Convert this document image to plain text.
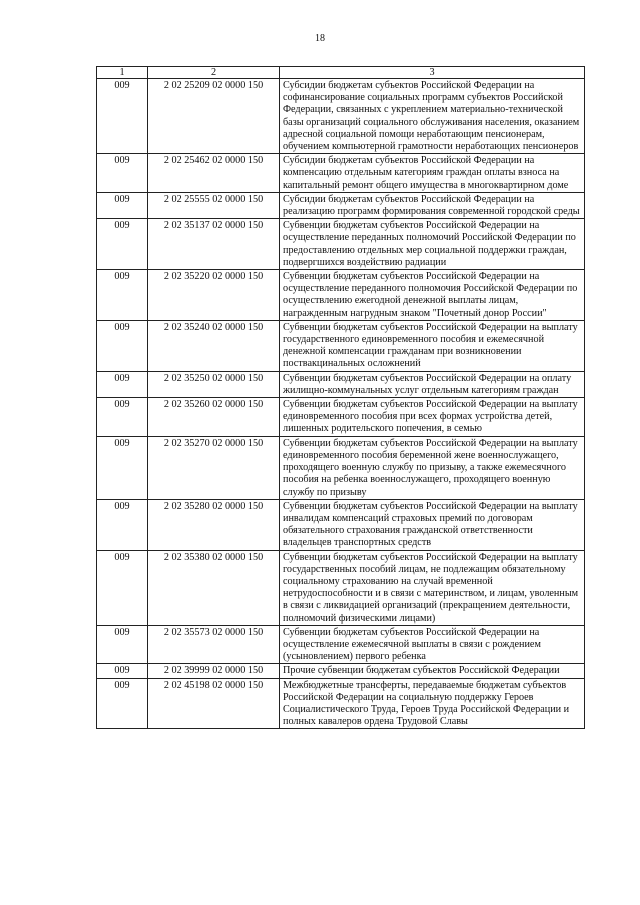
18
1	2	3
009	2 02 25209 02 0000 150	Субсидии бюджетам субъектов Российской Федерации на софинансирование социальных программ субъектов Российской Федерации, связанных с укреплением материально-технической базы организаций социального обслуживания населения, оказанием адресной социальной помощи неработающим пенсионерам, обучением компьютерной грамотности неработающих пенсионеров
009	2 02 25462 02 0000 150	Субсидии бюджетам субъектов Российской Федерации на компенсацию отдельным категориям граждан оплаты взноса на капитальный ремонт общего имущества в многоквартирном доме
009	2 02 25555 02 0000 150	Субсидии бюджетам субъектов Российской Федерации на реализацию программ формирования современной городской среды
009	2 02 35137 02 0000 150	Субвенции бюджетам субъектов Российской Федерации на осуществление переданных полномочий Российской Федерации по предоставлению отдельных мер социальной поддержки граждан, подвергшихся воздействию радиации
009	2 02 35220 02 0000 150	Субвенции бюджетам субъектов Российской Федерации на осуществление переданного полномочия Российской Федерации по осуществлению ежегодной денежной выплаты лицам, награжденным нагрудным знаком "Почетный донор России"
009	2 02 35240 02 0000 150	Субвенции бюджетам субъектов Российской Федерации на выплату государственного единовременного пособия и ежемесячной денежной компенсации гражданам при возникновении поствакцинальных осложнений
009	2 02 35250 02 0000 150	Субвенции бюджетам субъектов Российской Федерации на оплату жилищно-коммунальных услуг отдельным категориям граждан
009	2 02 35260 02 0000 150	Субвенции бюджетам субъектов Российской Федерации на выплату единовременного пособия при всех формах устройства детей, лишенных родительского попечения, в семью
009	2 02 35270 02 0000 150	Субвенции бюджетам субъектов Российской Федерации на выплату единовременного пособия беременной жене военнослужащего, проходящего военную службу по призыву, а также ежемесячного пособия на ребенка военнослужащего, проходящего военную службу по призыву
009	2 02 35280 02 0000 150	Субвенции бюджетам субъектов Российской Федерации на выплату инвалидам компенсаций страховых премий по договорам обязательного страхования гражданской ответственности владельцев транспортных средств
009	2 02 35380 02 0000 150	Субвенции бюджетам субъектов Российской Федерации на выплату государственных пособий лицам, не подлежащим обязательному социальному страхованию на случай временной нетрудоспособности и в связи с материнством, и лицам, уволенным в связи с ликвидацией организаций (прекращением деятельности, полномочий физическими лицами)
009	2 02 35573 02 0000 150	Субвенции бюджетам субъектов Российской Федерации на осуществление ежемесячной выплаты в связи с рождением (усыновлением) первого ребенка
009	2 02 39999 02 0000 150	Прочие субвенции бюджетам субъектов Российской Федерации
009	2 02 45198 02 0000 150	Межбюджетные трансферты, передаваемые бюджетам субъектов Российской Федерации на социальную поддержку Героев Социалистического Труда, Героев Труда Российской Федерации и полных кавалеров ордена Трудовой Славы
